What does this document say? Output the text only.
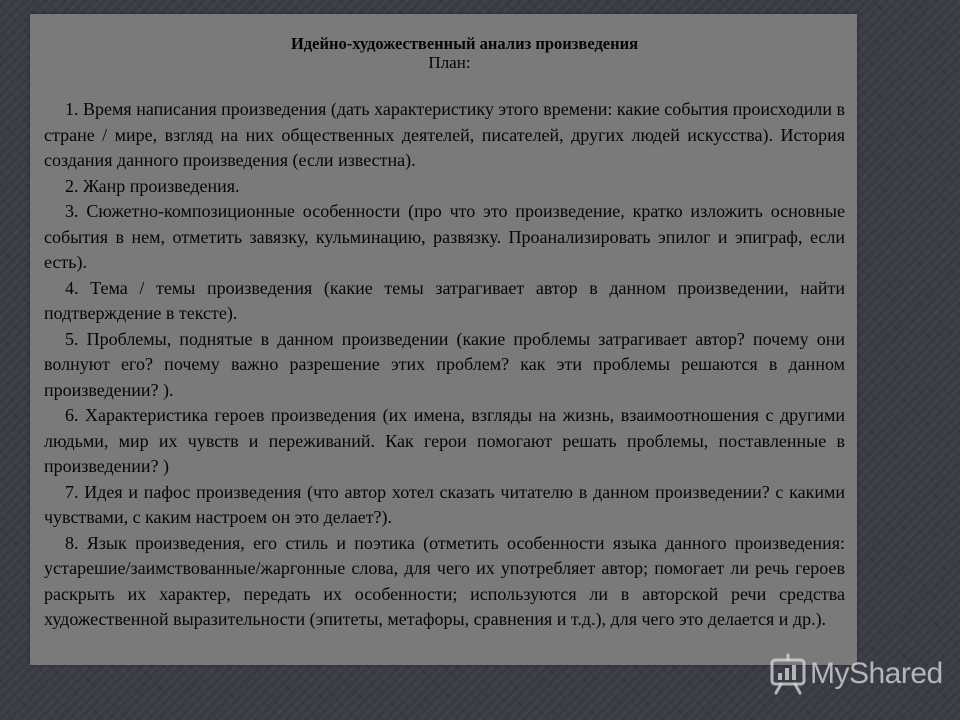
Идейно-художественный анализ произведения
План:

1. Время написания произведения (дать характеристику этого времени: какие события происходили в стране / мире, взгляд на них общественных деятелей, писателей, других людей искусства). История создания данного произведения (если известна).

2. Жанр произведения.

3. Сюжетно-композиционные особенности (про что это произведение, кратко изложить основные события в нем, отметить завязку, кульминацию, развязку. Проанализировать эпилог и эпиграф, если есть).

4. Тема / темы произведения (какие темы затрагивает автор в данном произведении, найти подтверждение в тексте).

5. Проблемы, поднятые в данном произведении (какие проблемы затрагивает автор? почему они волнуют его? почему важно разрешение этих проблем? как эти проблемы решаются в данном произведении? ).

6. Характеристика героев произведения (их имена, взгляды на жизнь, взаимоотношения с другими людьми, мир их чувств и переживаний. Как герои помогают решать проблемы, поставленные в произведении? )

7. Идея и пафос произведения (что автор хотел сказать читателю в данном произведении? с какими чувствами, с каким настроем он это делает?).

8. Язык произведения, его стиль и поэтика (отметить особенности языка данного произведения: устарешие/заимствованные/жаргонные слова, для чего их употребляет автор; помогает ли речь героев раскрыть их характер, передать их особенности; используются ли в авторской речи средства художественной выразительности (эпитеты, метафоры, сравнения и т.д.), для чего это делается и др.).

MyShared
